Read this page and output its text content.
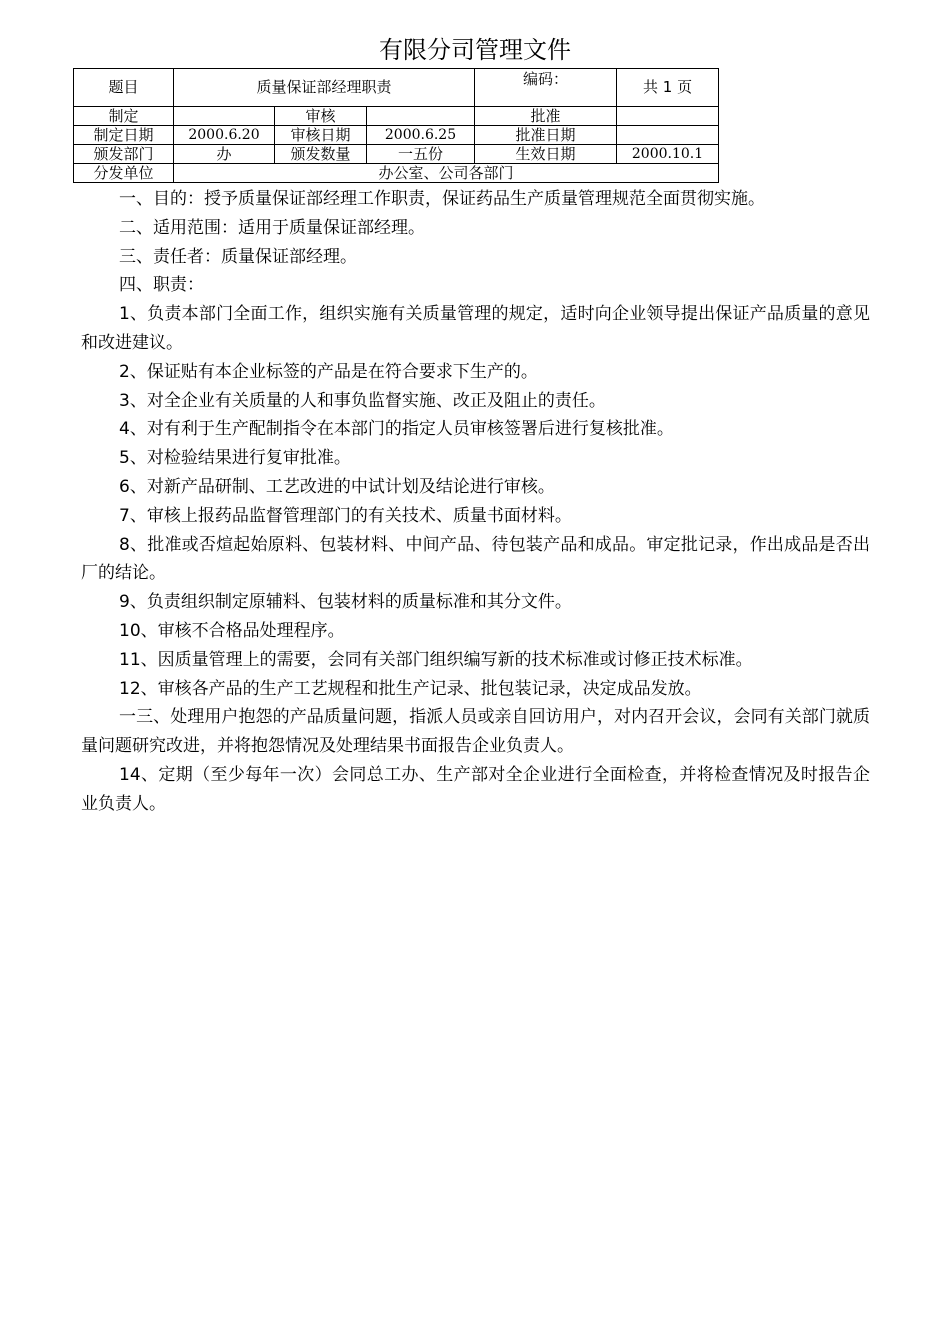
有限分司管理文件
题目	质量保证部经理职责			编码：	共 1 页
制定		审核		批准	
制定日期	2000.6.20	审核日期	2000.6.25	批准日期	
颁发部门	办	颁发数量	一五份	生效日期	2000.10.1
分发单位	办公室、公司各部门				

一、目的：授予质量保证部经理工作职责，保证药品生产质量管理规范全面贯彻实施。

二、适用范围：适用于质量保证部经理。

三、责任者：质量保证部经理。

四、职责：

1、负责本部门全面工作，组织实施有关质量管理的规定，适时向企业领导提出保证产品质量的意见和改进建议。

2、保证贴有本企业标签的产品是在符合要求下生产的。

3、对全企业有关质量的人和事负监督实施、改正及阻止的责任。

4、对有利于生产配制指令在本部门的指定人员审核签署后进行复核批准。

5、对检验结果进行复审批准。

6、对新产品研制、工艺改进的中试计划及结论进行审核。

7、审核上报药品监督管理部门的有关技术、质量书面材料。

8、批准或否煊起始原料、包装材料、中间产品、待包装产品和成品。审定批记录，作出成品是否出厂的结论。

9、负责组织制定原辅料、包装材料的质量标准和其分文件。

10、审核不合格品处理程序。

11、因质量管理上的需要，会同有关部门组织编写新的技术标准或讨修正技术标准。

12、审核各产品的生产工艺规程和批生产记录、批包装记录，决定成品发放。

一三、处理用户抱怨的产品质量问题，指派人员或亲自回访用户，对内召开会议，会同有关部门就质量问题研究改进，并将抱怨情况及处理结果书面报告企业负责人。

14、定期（至少每年一次）会同总工办、生产部对全企业进行全面检查，并将检查情况及时报告企业负责人。
